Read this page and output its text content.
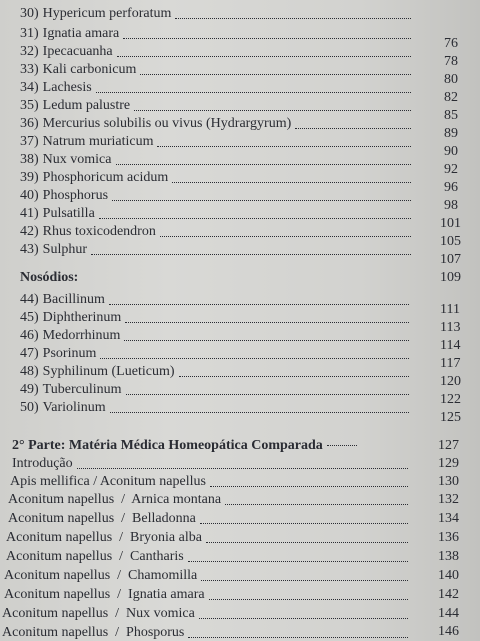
30) Hypericum perforatum
31) Ignatia amara
32) Ipecacuanha
33) Kali carbonicum
34) Lachesis
35) Ledum palustre
36) Mercurius solubilis ou vivus (Hydrargyrum)
37) Natrum muriaticum
38) Nux vomica
39) Phosphoricum acidum
40) Phosphorus
41) Pulsatilla
42) Rhus toxicodendron
43) Sulphur
76
78
80
82
85
89
90
92
96
98
101
105
107
109
Nosódios:
44) Bacillinum
45) Diphtherinum
46) Medorrhinum
47) Psorinum
48) Syphilinum (Lueticum)
49) Tuberculinum
50) Variolinum
111
113
114
117
120
122
125
2° Parte: Matéria Médica Homeopática Comparada	127
Introdução
Apis mellifica / Aconitum napellus
Aconitum napellus  /  Arnica montana
Aconitum napellus  /  Belladonna
Aconitum napellus  /  Bryonia alba
Aconitum napellus  /  Cantharis
Aconitum napellus  /  Chamomilla
Aconitum napellus  /  Ignatia amara
Aconitum napellus  /  Nux vomica
Aconitum napellus  /  Phosporus
129
130
132
134
136
138
140
142
144
146
